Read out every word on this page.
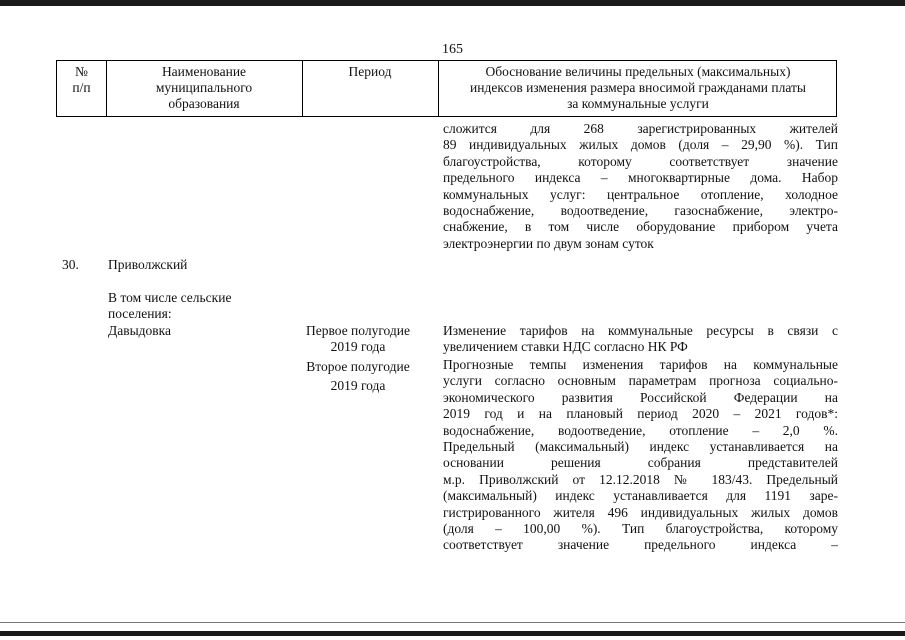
165
№
п/п
Наименование
муниципального
образования
Период	Обоснование величины предельных (максимальных)
индексов изменения размера вносимой гражданами платы
за коммунальные услуги
сложится для 268 зарегистрированных жителей
89 индивидуальных жилых домов (доля – 29,90 %). Тип
благоустройства, которому соответствует значение
предельного индекса – многоквартирные дома. Набор
коммунальных услуг: центральное отопление, холодное
водоснабжение, водоотведение, газоснабжение, электро-
снабжение, в том числе оборудование прибором учета
электроэнергии по двум зонам суток
30. Приволжский
В том числе сельские
поселения:
Давыдовка	Первое полугодие
2019 года
Второе полугодие
2019 года
Изменение тарифов на коммунальные ресурсы в связи с
увеличением ставки НДС согласно НК РФ
Прогнозные темпы изменения тарифов на коммунальные
услуги согласно основным параметрам прогноза социально-
экономического развития Российской Федерации на
2019 год и на плановый период 2020 – 2021 годов*:
водоснабжение, водоотведение, отопление – 2,0 %.
Предельный (максимальный) индекс устанавливается на
основании решения собрания представителей
м.р. Приволжский от 12.12.2018 № 183/43. Предельный
(максимальный) индекс устанавливается для 1191 заре-
гистрированного жителя 496 индивидуальных жилых домов
(доля – 100,00 %). Тип благоустройства, которому
соответствует значение предельного индекса –
